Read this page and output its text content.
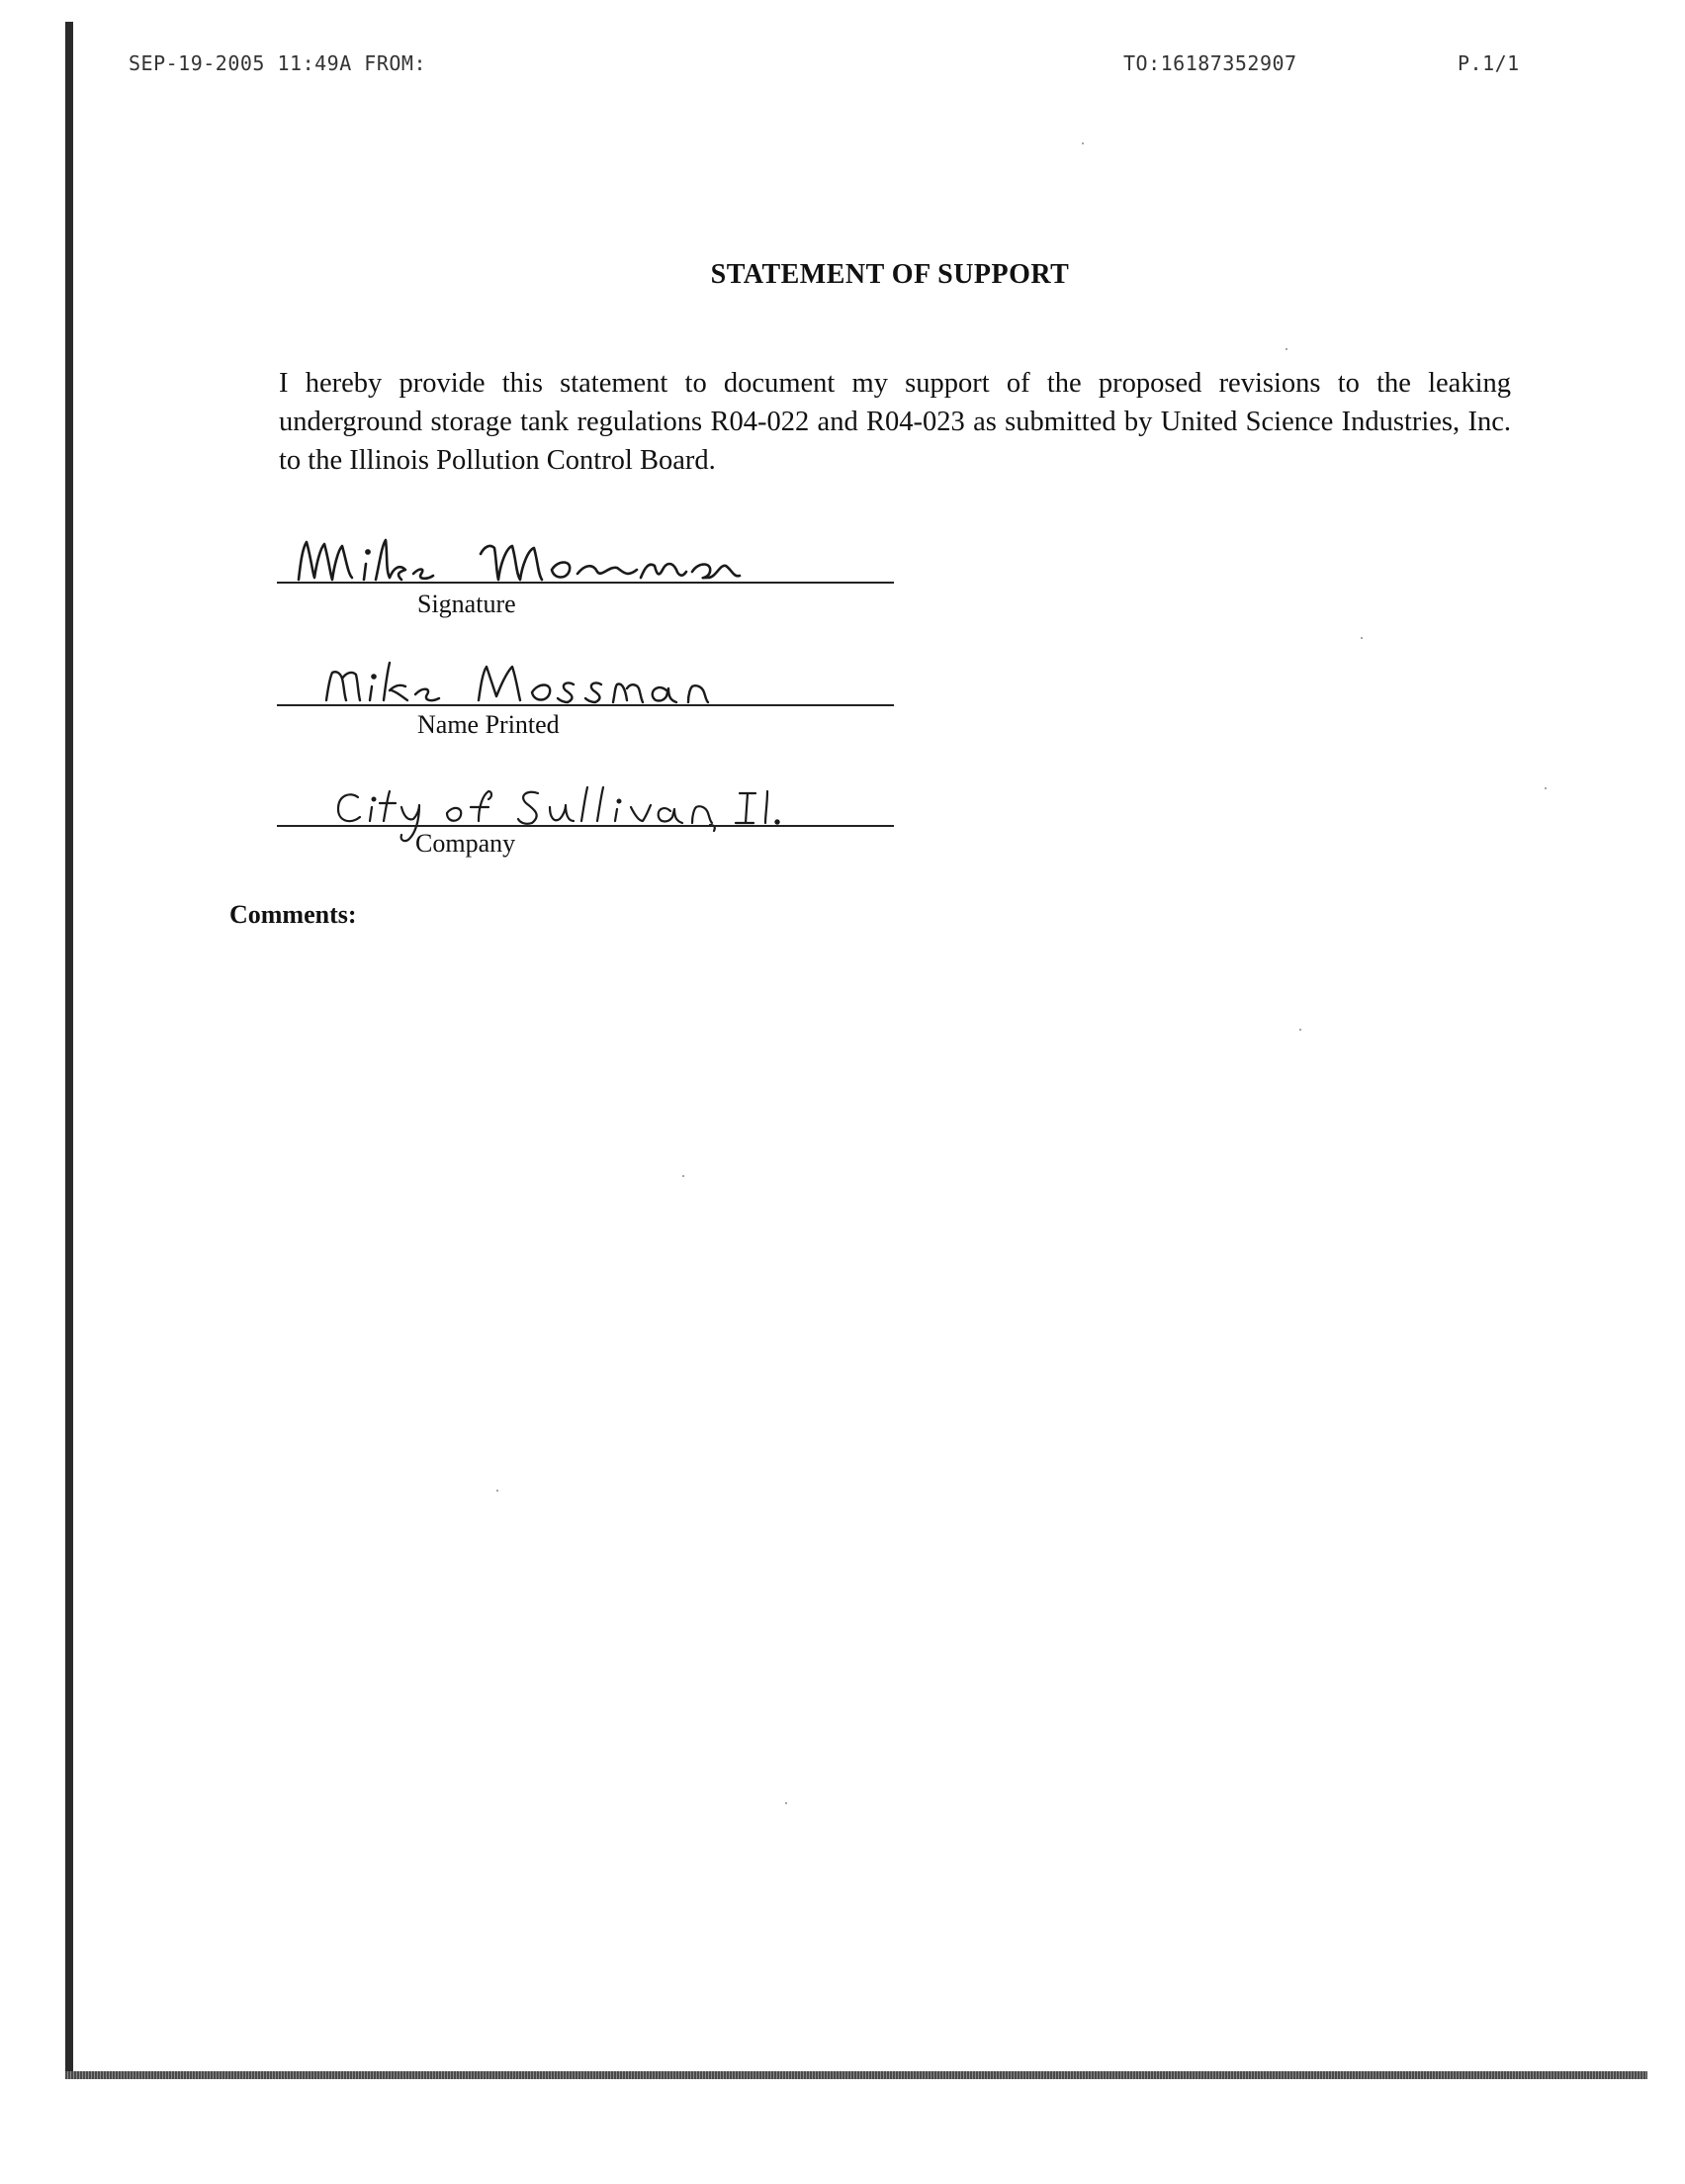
SEP-19-2005 11:49A FROM:	TO:16187352907	P.1/1
STATEMENT OF SUPPORT
I hereby provide this statement to document my support of the proposed revisions to the leaking underground storage tank regulations R04-022 and R04-023 as submitted by United Science Industries, Inc. to the Illinois Pollution Control Board.
Signature
Name Printed
Company
Comments:
